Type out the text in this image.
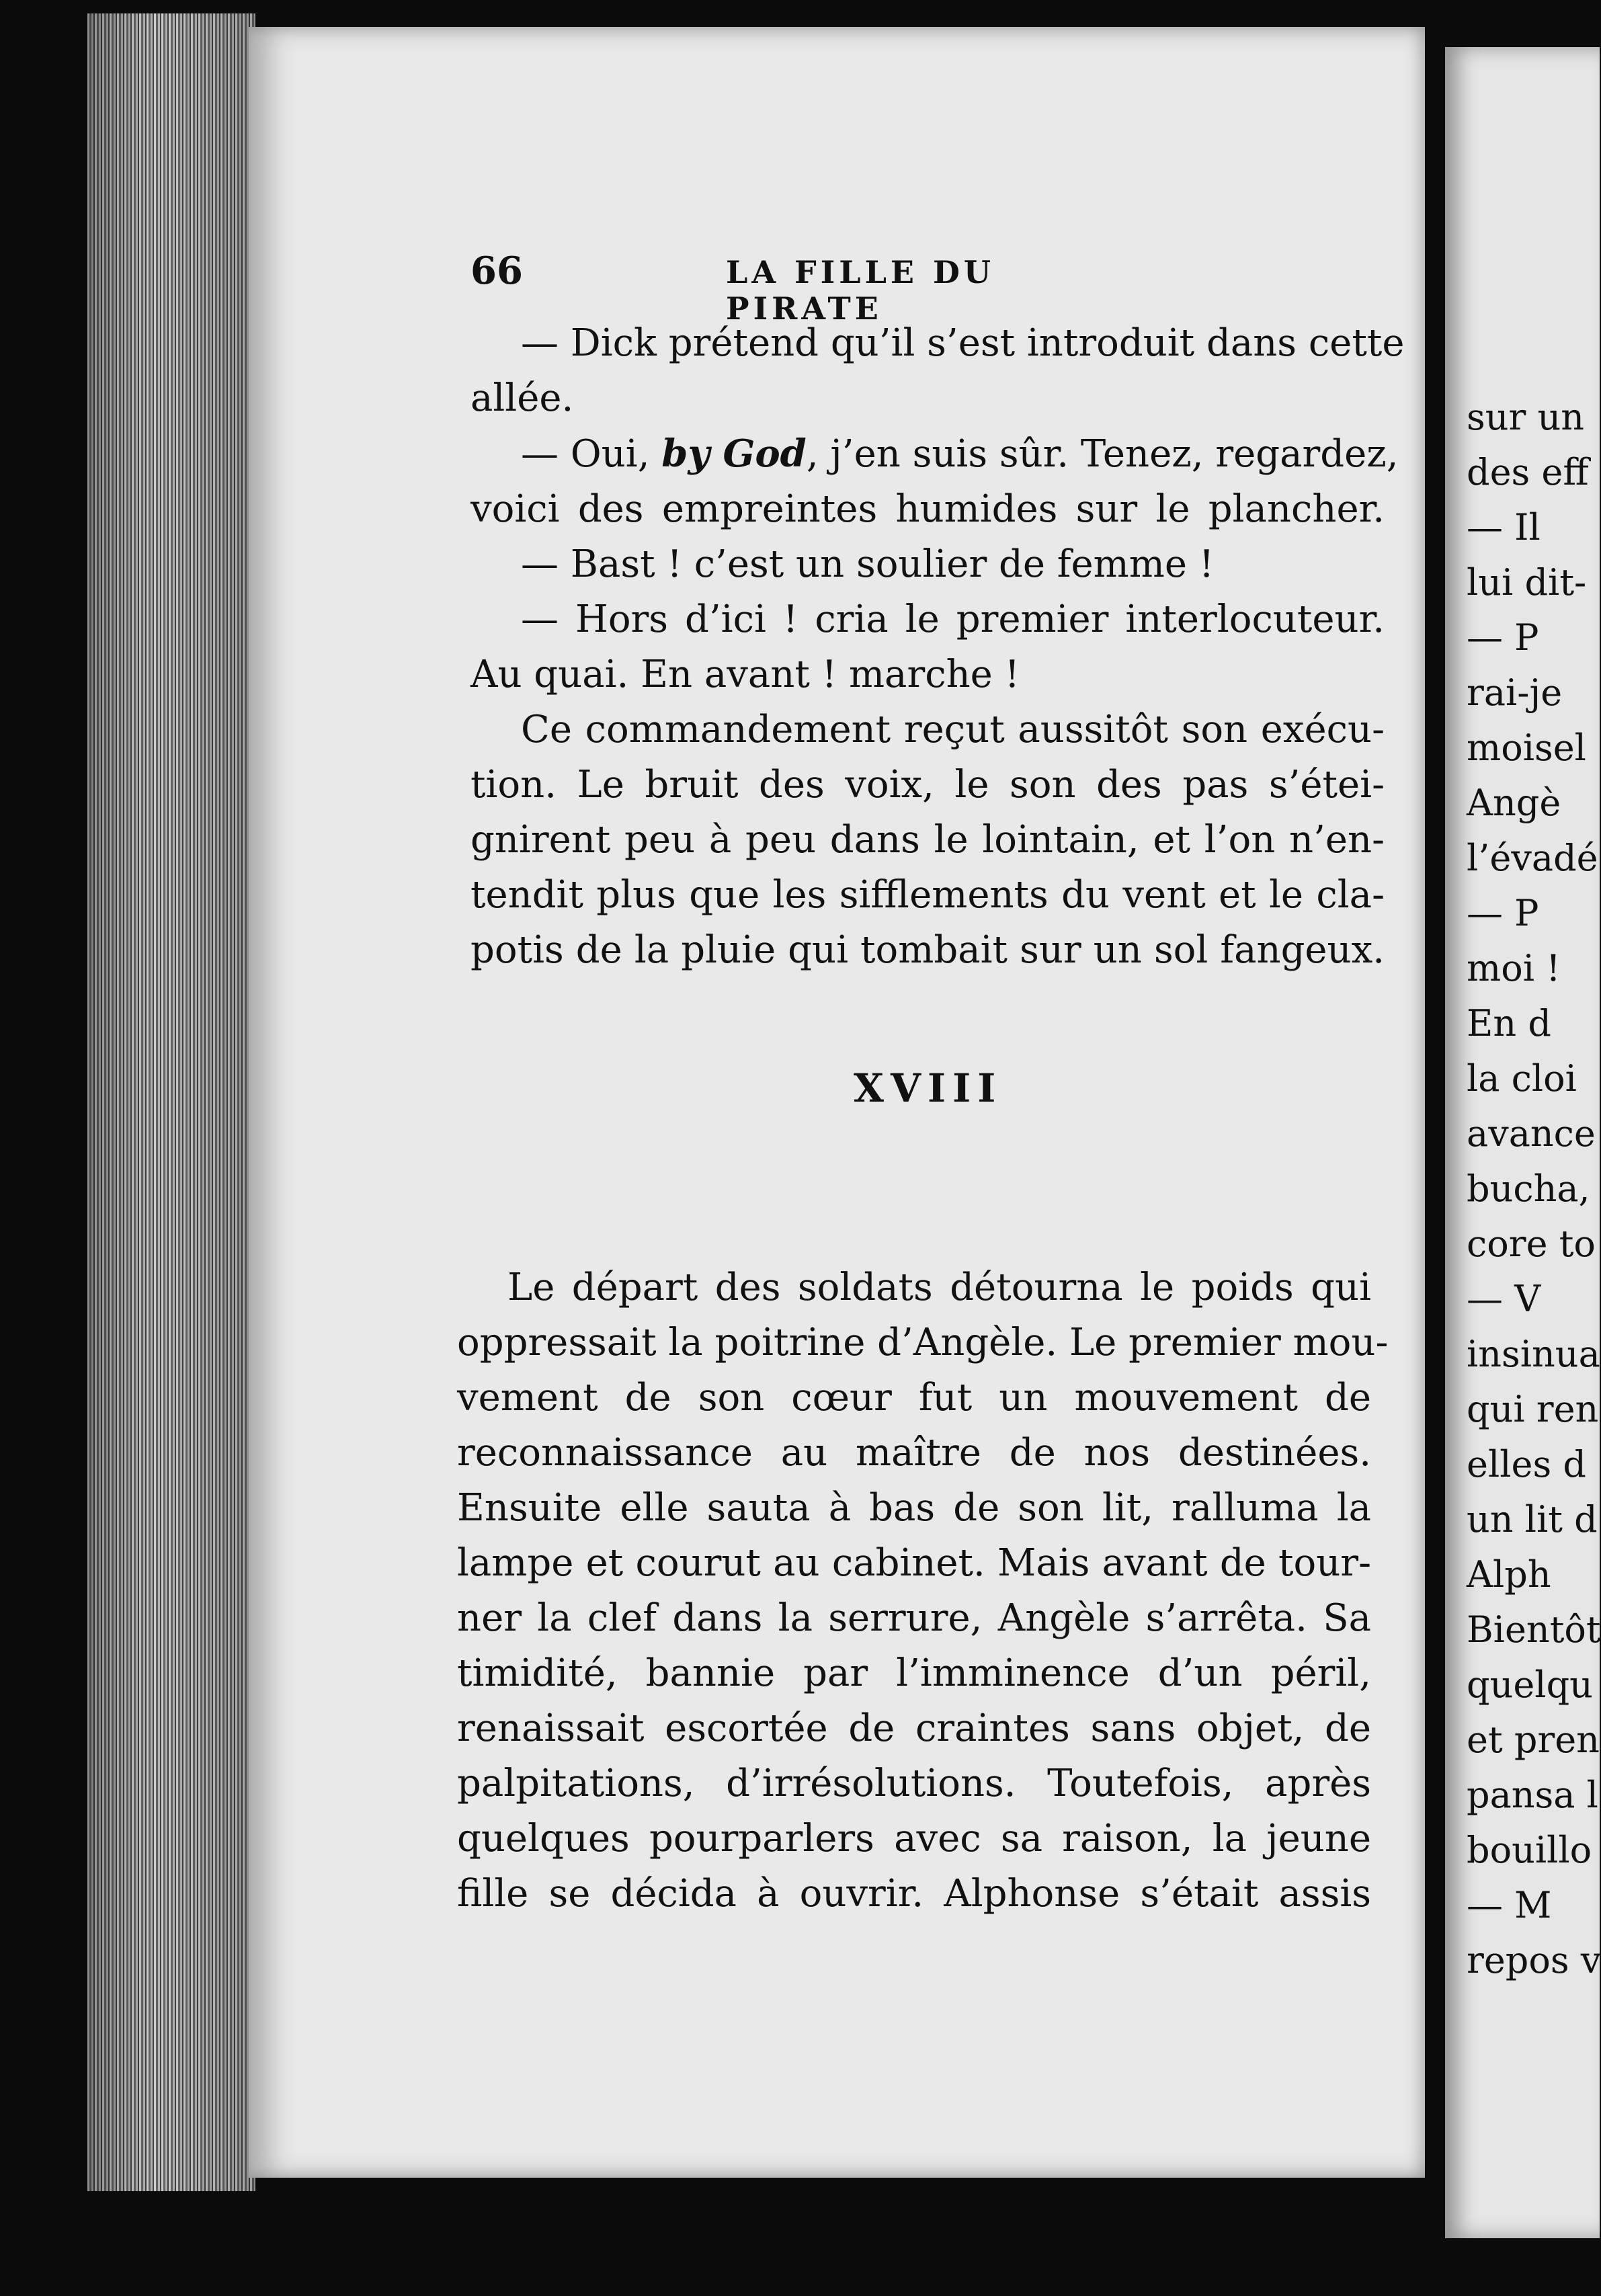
66	LA FILLE DU PIRATE
— Dick prétend qu’il s’est introduit dans cette
allée.
— Oui, by God, j’en suis sûr. Tenez, regardez,
voici des empreintes humides sur le plancher.
— Bast ! c’est un soulier de femme !
— Hors d’ici ! cria le premier interlocuteur.
Au quai. En avant ! marche !
Ce commandement reçut aussitôt son exécu-
tion. Le bruit des voix, le son des pas s’étei-
gnirent peu à peu dans le lointain, et l’on n’en-
tendit plus que les sifflements du vent et le cla-
potis de la pluie qui tombait sur un sol fangeux.
XVIII
Le départ des soldats détourna le poids qui
oppressait la poitrine d’Angèle. Le premier mou-
vement de son cœur fut un mouvement de
reconnaissance au maître de nos destinées.
Ensuite elle sauta à bas de son lit, ralluma la
lampe et courut au cabinet. Mais avant de tour-
ner la clef dans la serrure, Angèle s’arrêta. Sa
timidité, bannie par l’imminence d’un péril,
renaissait escortée de craintes sans objet, de
palpitations, d’irrésolutions. Toutefois, après
quelques pourparlers avec sa raison, la jeune
fille se décida à ouvrir. Alphonse s’était assis
sur un
des eff
— Il
lui dit-
— P
rai-je
moisel
Angè
l’évadé
— P
moi !
En d
la cloi
avance
bucha,
core to
— V
insinua
qui ren
elles d
un lit d
Alph
Bientôt
quelqu
et pren
pansa l
bouillo
— M
repos v
